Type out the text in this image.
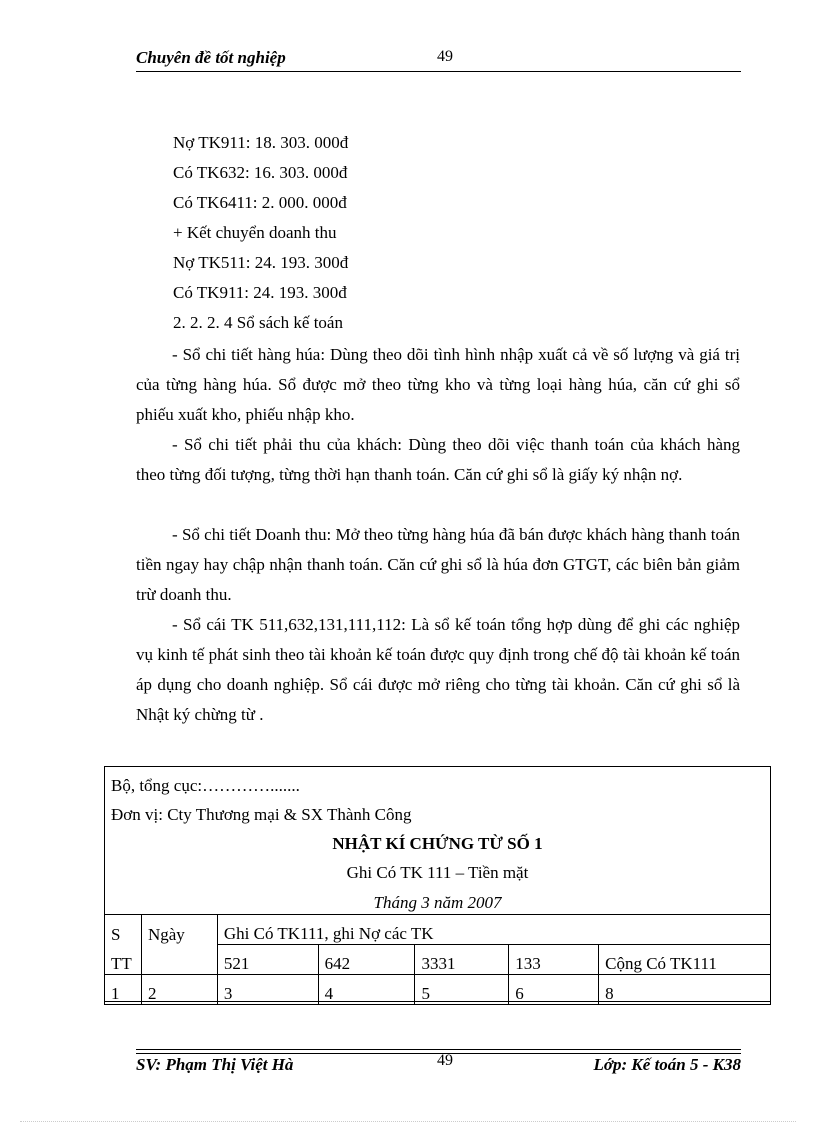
Chuyên đề tốt nghiệp	49
Nợ TK911: 18. 303. 000đ
Có TK632: 16. 303. 000đ
Có TK6411: 2. 000. 000đ
+ Kết chuyển doanh thu
Nợ TK511: 24. 193. 300đ
Có TK911: 24. 193. 300đ
2. 2. 2. 4 Sổ sách kế toán
- Sổ chi tiết hàng húa: Dùng theo dõi tình hình nhập xuất cả về số lượng và giá trị của từng hàng húa. Sổ được mở theo từng kho và từng loại hàng húa, căn cứ ghi sổ phiếu xuất kho, phiếu nhập kho.
- Sổ chi tiết phải thu của khách: Dùng theo dõi việc thanh toán của khách hàng theo từng đối tượng, từng thời hạn thanh toán. Căn cứ ghi sổ là giấy ký nhận nợ.
- Sổ chi tiết Doanh thu: Mở theo từng hàng húa đã bán được khách hàng thanh toán tiền ngay hay chập nhận thanh toán. Căn cứ ghi sổ là húa đơn GTGT, các biên bản giảm trừ doanh thu.
- Sổ cái TK 511,632,131,111,112: Là sổ kế toán tổng hợp dùng để ghi các nghiệp vụ kinh tế phát sinh theo tài khoản kế toán được quy định trong chế độ tài khoản kế toán áp dụng cho doanh nghiệp. Sổ cái được mở riêng cho từng tài khoản. Căn cứ ghi sổ là Nhật ký chừng từ .
Bộ, tổng cục:………….......
Đơn vị: Cty Thương mại & SX Thành Công
NHẬT KÍ CHỨNG TỪ SỐ 1
Ghi Có TK 111 – Tiền mặt
Tháng 3 năm 2007
S	Ngày	Ghi Có TK111, ghi Nợ các TK				
TT		521	642	3331	133	Cộng Có TK111
1	2	3	4	5	6	8
SV: Phạm Thị Việt Hà	49	Lớp: Kế toán 5 - K38
